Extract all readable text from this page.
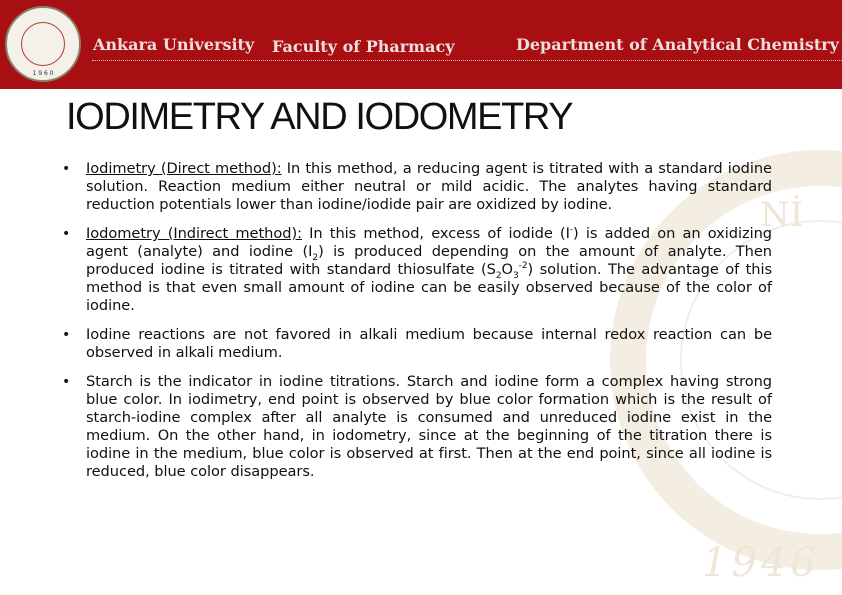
1 9 6 0
Ankara University Faculty of Pharmacy	Department of Analytical Chemistry
Nİ
1946
IODIMETRY AND IODOMETRY
• Iodimetry (Direct method): In this method, a reducing agent is titrated with a standard iodine solution. Reaction medium either neutral or mild acidic. The analytes having standard reduction potentials lower than iodine/iodide pair are oxidized by iodine.
• Iodometry (Indirect method): In this method, excess of iodide (I-) is added on an oxidizing agent (analyte) and iodine $(I_2)$ is produced depending on the amount of analyte. Then produced iodine is titrated with standard thiosulfate $(S_2O_3^{-2})$ solution. The advantage of this method is that even small amount of iodine can be easily observed because of the color of iodine.
• Iodine reactions are not favored in alkali medium because internal redox reaction can be observed in alkali medium.
• Starch is the indicator in iodine titrations. Starch and iodine form a complex having strong blue color. In iodimetry, end point is observed by blue color formation which is the result of starch-iodine complex after all analyte is consumed and unreduced iodine exist in the medium. On the other hand, in iodometry, since at the beginning of the titration there is iodine in the medium, blue color is observed at first. Then at the end point, since all iodine is reduced, blue color disappears.
